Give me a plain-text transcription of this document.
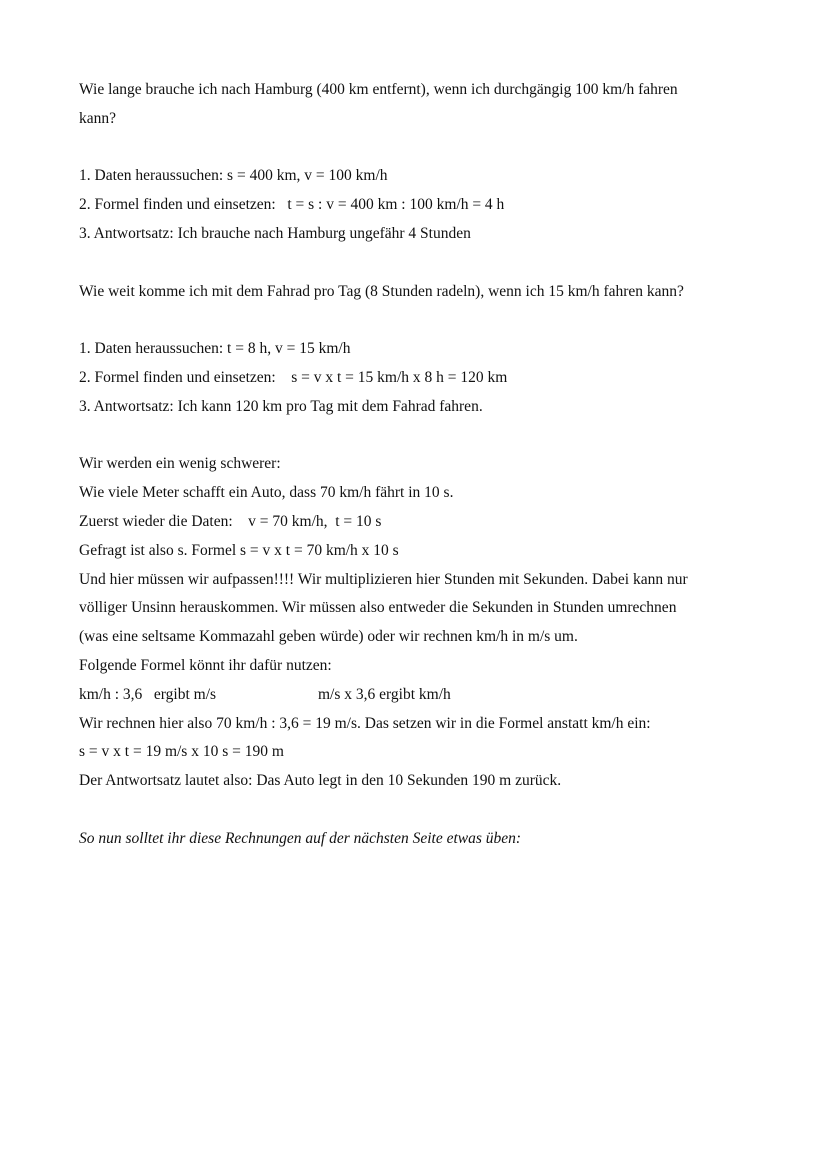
Wie lange brauche ich nach Hamburg (400 km entfernt), wenn ich durchgängig 100 km/h fahren
kann?
1. Daten heraussuchen: s = 400 km, v = 100 km/h
2. Formel finden und einsetzen:   t = s : v = 400 km : 100 km/h = 4 h
3. Antwortsatz: Ich brauche nach Hamburg ungefähr 4 Stunden
Wie weit komme ich mit dem Fahrad pro Tag (8 Stunden radeln), wenn ich 15 km/h fahren kann?
1. Daten heraussuchen: t = 8 h, v = 15 km/h
2. Formel finden und einsetzen:    s = v x t = 15 km/h x 8 h = 120 km
3. Antwortsatz: Ich kann 120 km pro Tag mit dem Fahrad fahren.
Wir werden ein wenig schwerer:
Wie viele Meter schafft ein Auto, dass 70 km/h fährt in 10 s.
Zuerst wieder die Daten:    v = 70 km/h,  t = 10 s
Gefragt ist also s. Formel s = v x t = 70 km/h x 10 s
Und hier müssen wir aufpassen!!!! Wir multiplizieren hier Stunden mit Sekunden. Dabei kann nur
völliger Unsinn herauskommen. Wir müssen also entweder die Sekunden in Stunden umrechnen
(was eine seltsame Kommazahl geben würde) oder wir rechnen km/h in m/s um.
Folgende Formel könnt ihr dafür nutzen:
km/h : 3,6   ergibt m/s	m/s x 3,6 ergibt km/h
Wir rechnen hier also 70 km/h : 3,6 = 19 m/s. Das setzen wir in die Formel anstatt km/h ein:
s = v x t = 19 m/s x 10 s = 190 m
Der Antwortsatz lautet also: Das Auto legt in den 10 Sekunden 190 m zurück.
So nun solltet ihr diese Rechnungen auf der nächsten Seite etwas üben:
